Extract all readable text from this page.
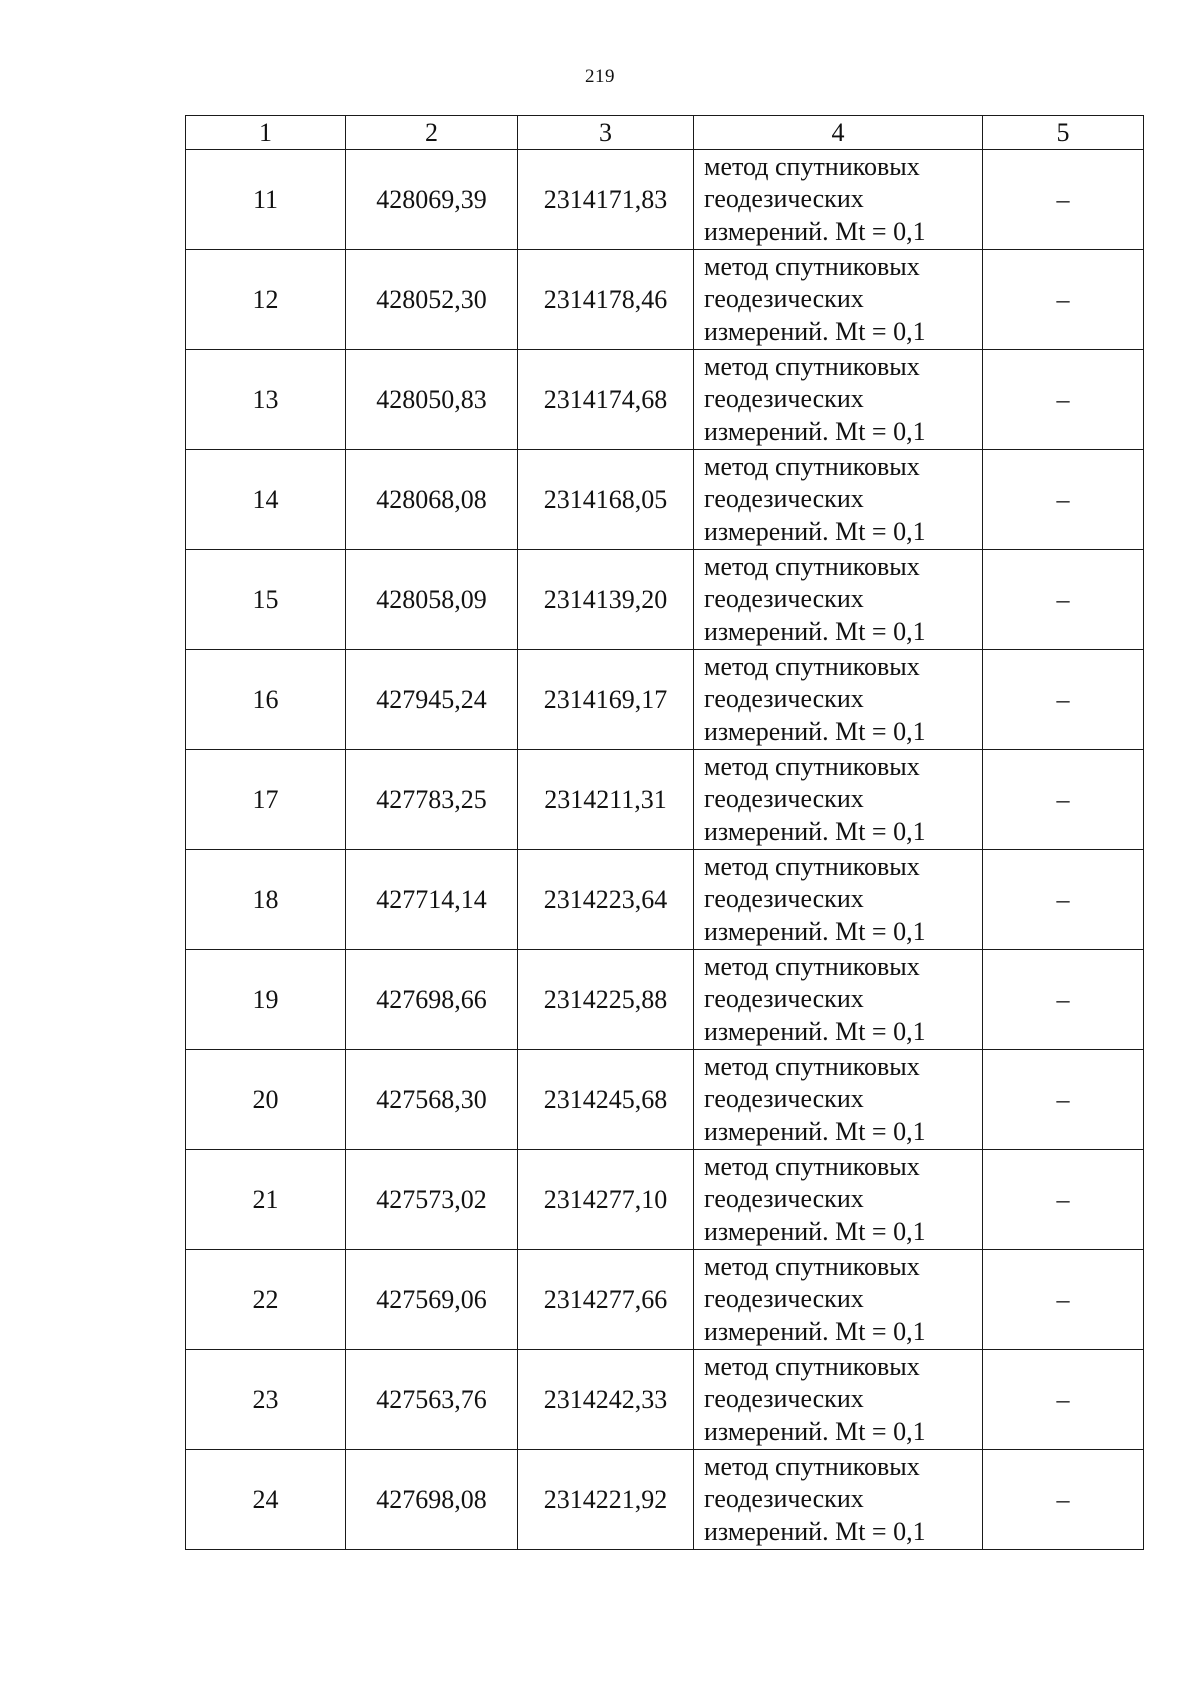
219
1	2	3	4	5
11	428069,39	2314171,83	метод спутниковых
геодезических
измерений. Mt = 0,1	–
12	428052,30	2314178,46	метод спутниковых
геодезических
измерений. Mt = 0,1	–
13	428050,83	2314174,68	метод спутниковых
геодезических
измерений. Mt = 0,1	–
14	428068,08	2314168,05	метод спутниковых
геодезических
измерений. Mt = 0,1	–
15	428058,09	2314139,20	метод спутниковых
геодезических
измерений. Mt = 0,1	–
16	427945,24	2314169,17	метод спутниковых
геодезических
измерений. Mt = 0,1	–
17	427783,25	2314211,31	метод спутниковых
геодезических
измерений. Mt = 0,1	–
18	427714,14	2314223,64	метод спутниковых
геодезических
измерений. Mt = 0,1	–
19	427698,66	2314225,88	метод спутниковых
геодезических
измерений. Mt = 0,1	–
20	427568,30	2314245,68	метод спутниковых
геодезических
измерений. Mt = 0,1	–
21	427573,02	2314277,10	метод спутниковых
геодезических
измерений. Mt = 0,1	–
22	427569,06	2314277,66	метод спутниковых
геодезических
измерений. Mt = 0,1	–
23	427563,76	2314242,33	метод спутниковых
геодезических
измерений. Mt = 0,1	–
24	427698,08	2314221,92	метод спутниковых
геодезических
измерений. Mt = 0,1	–
